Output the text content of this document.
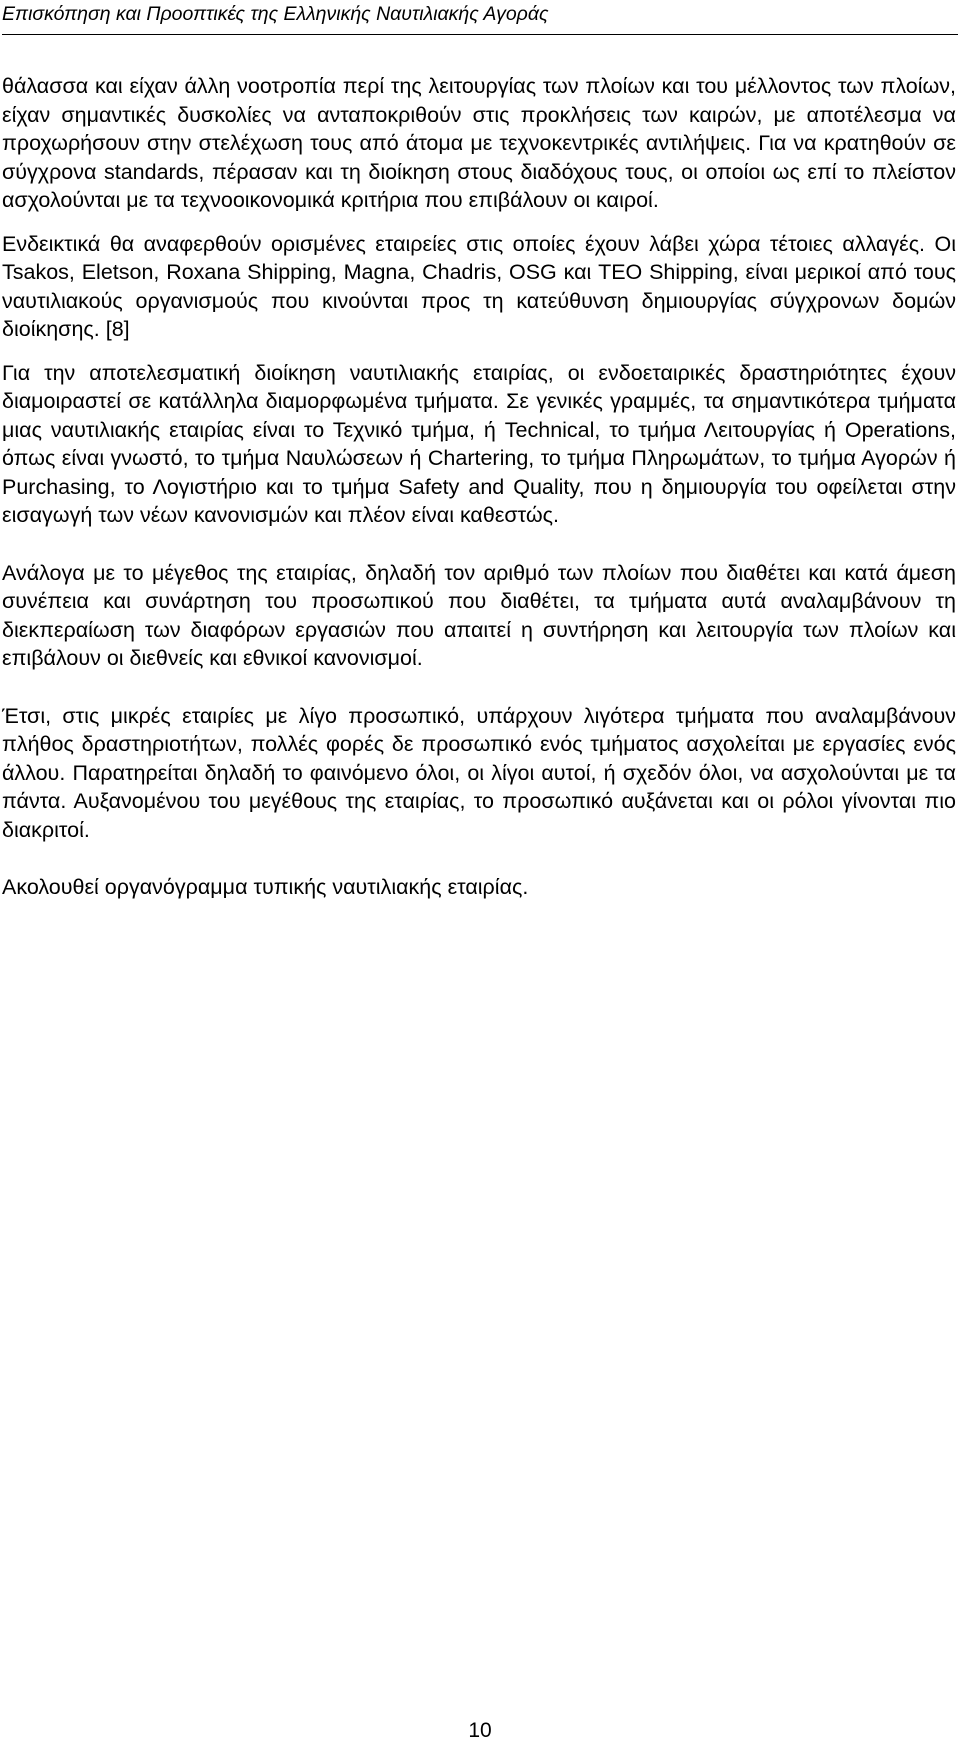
Επισκόπηση και Προοπτικές της Ελληνικής Ναυτιλιακής Αγοράς

θάλασσα και είχαν άλλη νοοτροπία περί της λειτουργίας των πλοίων και του μέλλοντος των πλοίων, είχαν σημαντικές δυσκολίες να ανταποκριθούν στις προκλήσεις των καιρών, με αποτέλεσμα να προχωρήσουν στην στελέχωση τους από άτομα με τεχνοκεντρικές αντιλήψεις. Για να κρατηθούν σε σύγχρονα standards, πέρασαν και τη διοίκηση στους διαδόχους τους, οι οποίοι ως επί το πλείστον ασχολούνται με τα τεχνοοικονομικά κριτήρια που επιβάλουν οι καιροί.

Ενδεικτικά θα αναφερθούν ορισμένες εταιρείες στις οποίες έχουν λάβει χώρα τέτοιες αλλαγές. Οι Tsakos, Eletson, Roxana Shipping, Magna, Chadris, OSG και TEO Shipping, είναι μερικοί από τους ναυτιλιακούς οργανισμούς που κινούνται προς τη κατεύθυνση δημιουργίας σύγχρονων δομών διοίκησης. [8]

Για την αποτελεσματική διοίκηση ναυτιλιακής εταιρίας, οι ενδοεταιρικές δραστηριότητες έχουν διαμοιραστεί σε κατάλληλα διαμορφωμένα τμήματα. Σε γενικές γραμμές, τα σημαντικότερα τμήματα μιας ναυτιλιακής εταιρίας είναι το Τεχνικό τμήμα, ή Technical, το τμήμα Λειτουργίας ή Operations, όπως είναι γνωστό, το τμήμα Ναυλώσεων ή Chartering, το τμήμα Πληρωμάτων, το τμήμα Αγορών ή Purchasing, το Λογιστήριο και το τμήμα Safety and Quality, που η δημιουργία του οφείλεται στην εισαγωγή των νέων κανονισμών και πλέον είναι καθεστώς.

Ανάλογα με το μέγεθος της εταιρίας, δηλαδή τον αριθμό των πλοίων που διαθέτει και κατά άμεση συνέπεια και συνάρτηση του προσωπικού που διαθέτει, τα τμήματα αυτά αναλαμβάνουν τη διεκπεραίωση των διαφόρων εργασιών που απαιτεί η συντήρηση και λειτουργία των πλοίων και επιβάλουν οι διεθνείς και εθνικοί κανονισμοί.

Έτσι, στις μικρές εταιρίες με λίγο προσωπικό, υπάρχουν λιγότερα τμήματα που αναλαμβάνουν πλήθος δραστηριοτήτων, πολλές φορές δε προσωπικό ενός τμήματος ασχολείται με εργασίες ενός άλλου. Παρατηρείται δηλαδή το φαινόμενο όλοι, οι λίγοι αυτοί, ή σχεδόν όλοι, να ασχολούνται με τα πάντα. Αυξανομένου του μεγέθους της εταιρίας, το προσωπικό αυξάνεται και οι ρόλοι γίνονται πιο διακριτοί.

Ακολουθεί οργανόγραμμα τυπικής ναυτιλιακής εταιρίας.

10
